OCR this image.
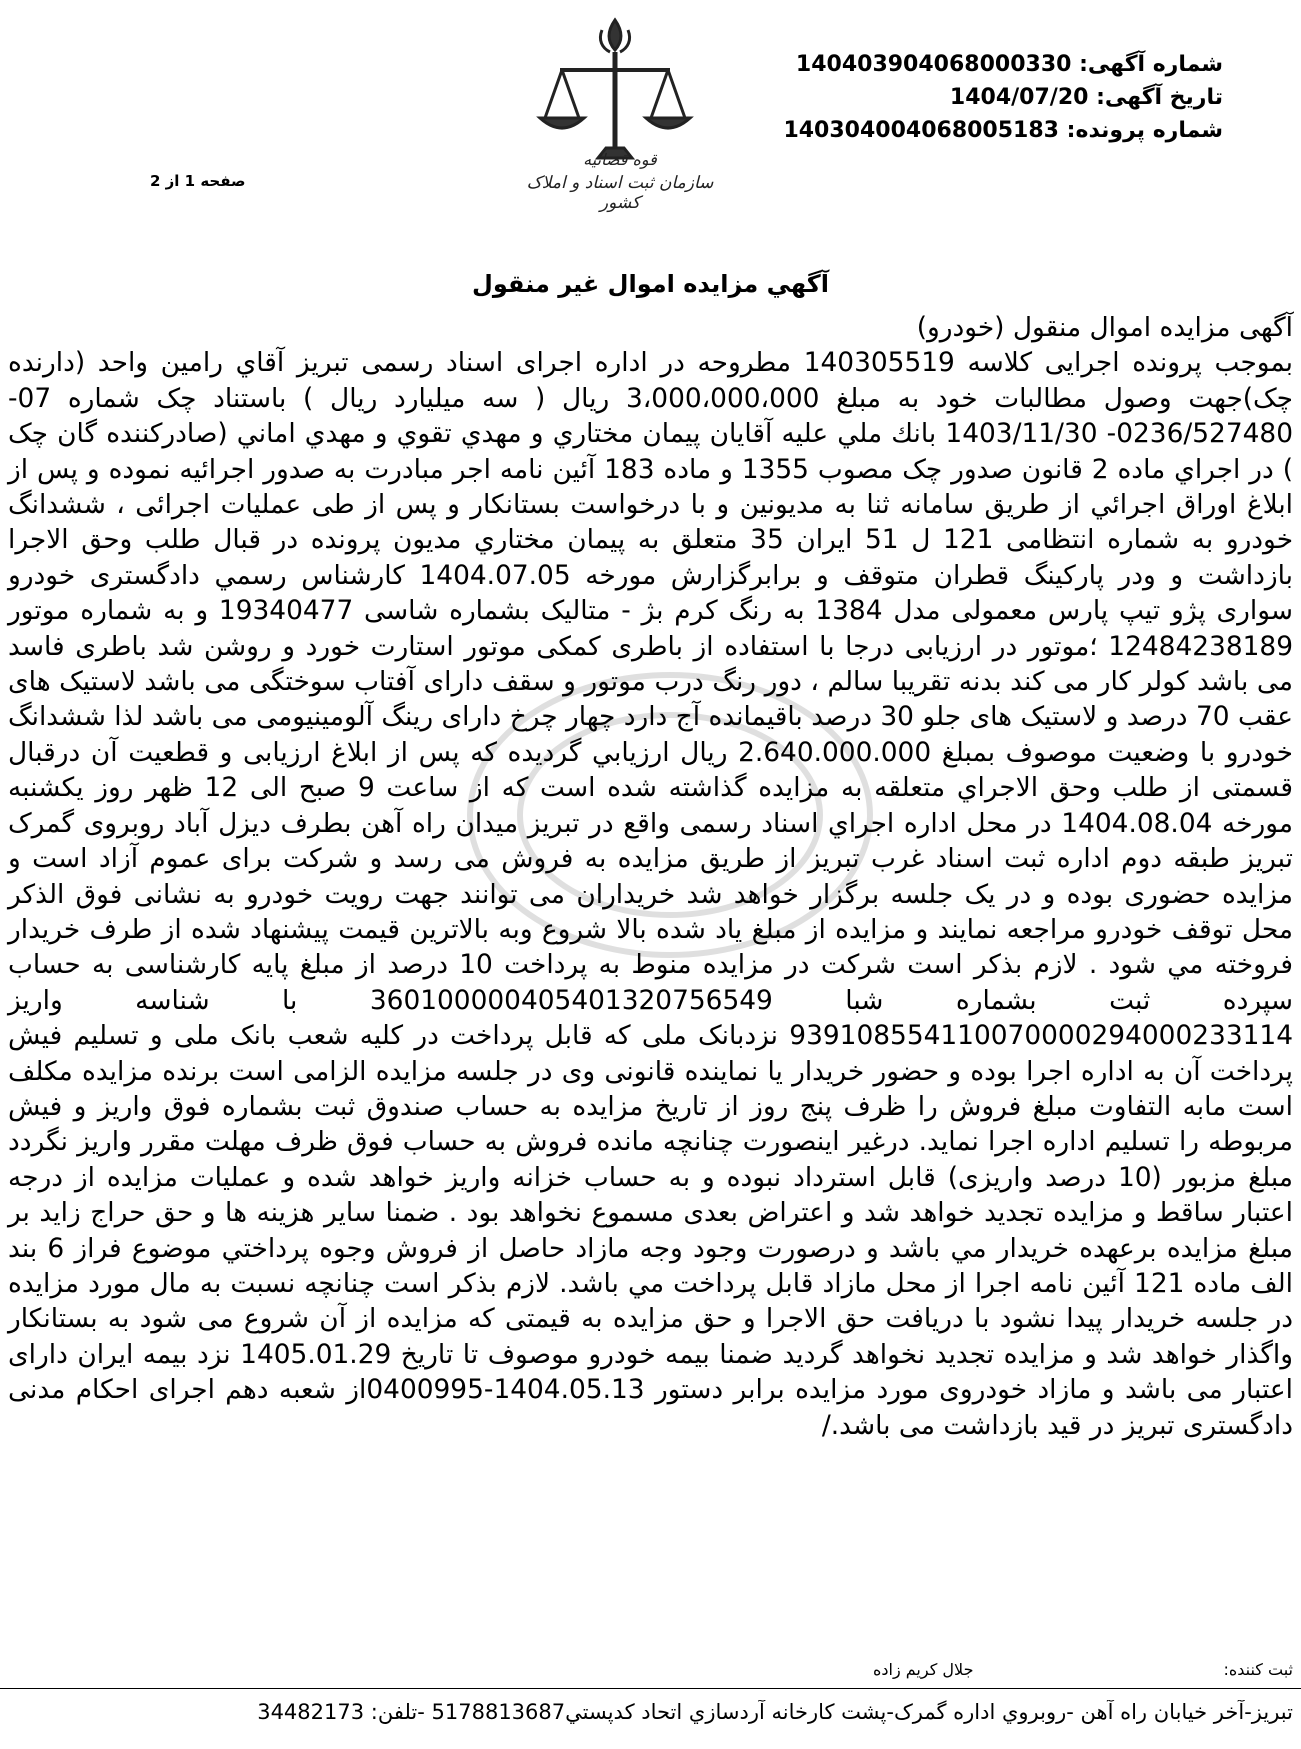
قوه قضائیه
سازمان ثبت اسناد و املاک کشور
شماره آگهی: 140403904068000330
تاریخ آگهی: 1404/07/20
شماره پرونده: 140304004068005183
صفحه 1 از 2
آگهي مزايده اموال غير منقول

آگهی مزایده اموال منقول (خودرو)

بموجب پرونده اجرایی کلاسه 140305519 مطروحه در اداره اجرای اسناد رسمی تبریز آقاي رامين واحد (دارنده چک)جهت وصول مطالبات خود به مبلغ 3،000،000،000 ریال ( سه میلیارد ریال ) باستناد چک شماره 07-0236/527480- 1403/11/30 بانك ملي عليه آقايان پيمان مختاري و مهدي تقوي و مهدي اماني (صادرکننده گان چک ) در اجراي ماده 2 قانون صدور چک مصوب 1355 و ماده 183 آئین نامه اجر مبادرت به صدور اجرائیه نموده و پس از ابلاغ اوراق اجرائي از طريق سامانه ثنا به مديونين و با درخواست بستانكار و پس از طی عملیات اجرائی ، ششدانگ خودرو به شماره انتظامی 121 ل 51 ایران 35 متعلق به پیمان مختاري مدیون پرونده در قبال طلب وحق الاجرا بازداشت و ودر پارکینگ قطران متوقف و برابرگزارش مورخه 1404.07.05 كارشناس رسمي دادگستری خودرو سواری پژو تیپ پارس معمولی مدل 1384 به رنگ کرم بژ - متالیک بشماره شاسی 19340477 و به شماره موتور 12484238189 ؛موتور در ارزیابی درجا با استفاده از باطری کمکی موتور استارت خورد و روشن شد باطری فاسد می باشد کولر کار می کند بدنه تقریبا سالم ، دور رنگ درب موتور و سقف دارای آفتاب سوختگی می باشد لاستیک های عقب 70 درصد و لاستیک های جلو 30 درصد باقیمانده آج دارد چهار چرخ دارای رینگ آلومینیومی می باشد لذا ششدانگ خودرو با وضعیت موصوف بمبلغ 2.640.000.000 ریال ارزيابي گرديده كه پس از ابلاغ ارزیابی و قطعیت آن درقبال قسمتی از طلب وحق الاجراي متعلقه به مزايده گذاشته شده است كه از ساعت 9 صبح الی 12 ظهر روز یکشنبه مورخه 1404.08.04 در محل اداره اجراي اسناد رسمی واقع در تبریز میدان راه آهن بطرف دیزل آباد روبروی گمرک تبریز طبقه دوم اداره ثبت اسناد غرب تبریز از طریق مزایده به فروش می رسد و شرکت برای عموم آزاد است و مزایده حضوری بوده و در یک جلسه برگزار خواهد شد خریداران می توانند جهت رویت خودرو به نشانی فوق الذکر محل توقف خودرو مراجعه نمایند و مزایده از مبلغ یاد شده بالا شروع وبه بالاترين قيمت پيشنهاد شده از طرف خريدار فروخته مي شود . لازم بذكر است شرکت در مزایده منوط به پرداخت 10 درصد از مبلغ پایه کارشناسی به حساب سپرده ثبت بشماره شبا 360100000405401320756549 با شناسه واریز 939108554110070000294000233114 نزدبانک ملی که قابل پرداخت در کلیه شعب بانک ملی و تسلیم فیش پرداخت آن به اداره اجرا بوده و حضور خریدار یا نماینده قانونی وی در جلسه مزایده الزامی است برنده مزایده مکلف است مابه التفاوت مبلغ فروش را ظرف پنج روز از تاریخ مزایده به حساب صندوق ثبت بشماره فوق واریز و فیش مربوطه را تسلیم اداره اجرا نماید. درغیر اینصورت چنانچه مانده فروش به حساب فوق ظرف مهلت مقرر واریز نگردد مبلغ مزبور (10 درصد واریزی) قابل استرداد نبوده و به حساب خزانه واریز خواهد شده و عملیات مزایده از درجه اعتبار ساقط و مزایده تجدید خواهد شد و اعتراض بعدی مسموع نخواهد بود . ضمنا ساير هزينه ها و حق حراج زايد بر مبلغ مزايده برعهده خريدار مي باشد و درصورت وجود وجه مازاد حاصل از فروش وجوه پرداختي موضوع فراز 6 بند الف ماده 121 آئین نامه اجرا از محل مازاد قابل پرداخت مي باشد. لازم بذكر است چنانچه نسبت به مال مورد مزایده در جلسه خریدار پیدا نشود با دریافت حق الاجرا و حق مزایده به قیمتی كه مزایده از آن شروع می شود به بستانكار واگذار خواهد شد و مزایده تجدید نخواهد گردید ضمنا بیمه خودرو موصوف تا تاریخ 1405.01.29 نزد بیمه ایران دارای اعتبار می باشد و مازاد خودروی مورد مزایده برابر دستور 1404.05.13-0400995از شعبه دهم اجرای احکام مدنی دادگستری تبریز در قید بازداشت می باشد./

ثبت کننده:
جلال کریم زاده
تبریز-آخر خیابان راه آهن -روبروي اداره گمرک-پشت كارخانه آردسازي اتحاد كدپستي5178813687 -تلفن: 34482173
